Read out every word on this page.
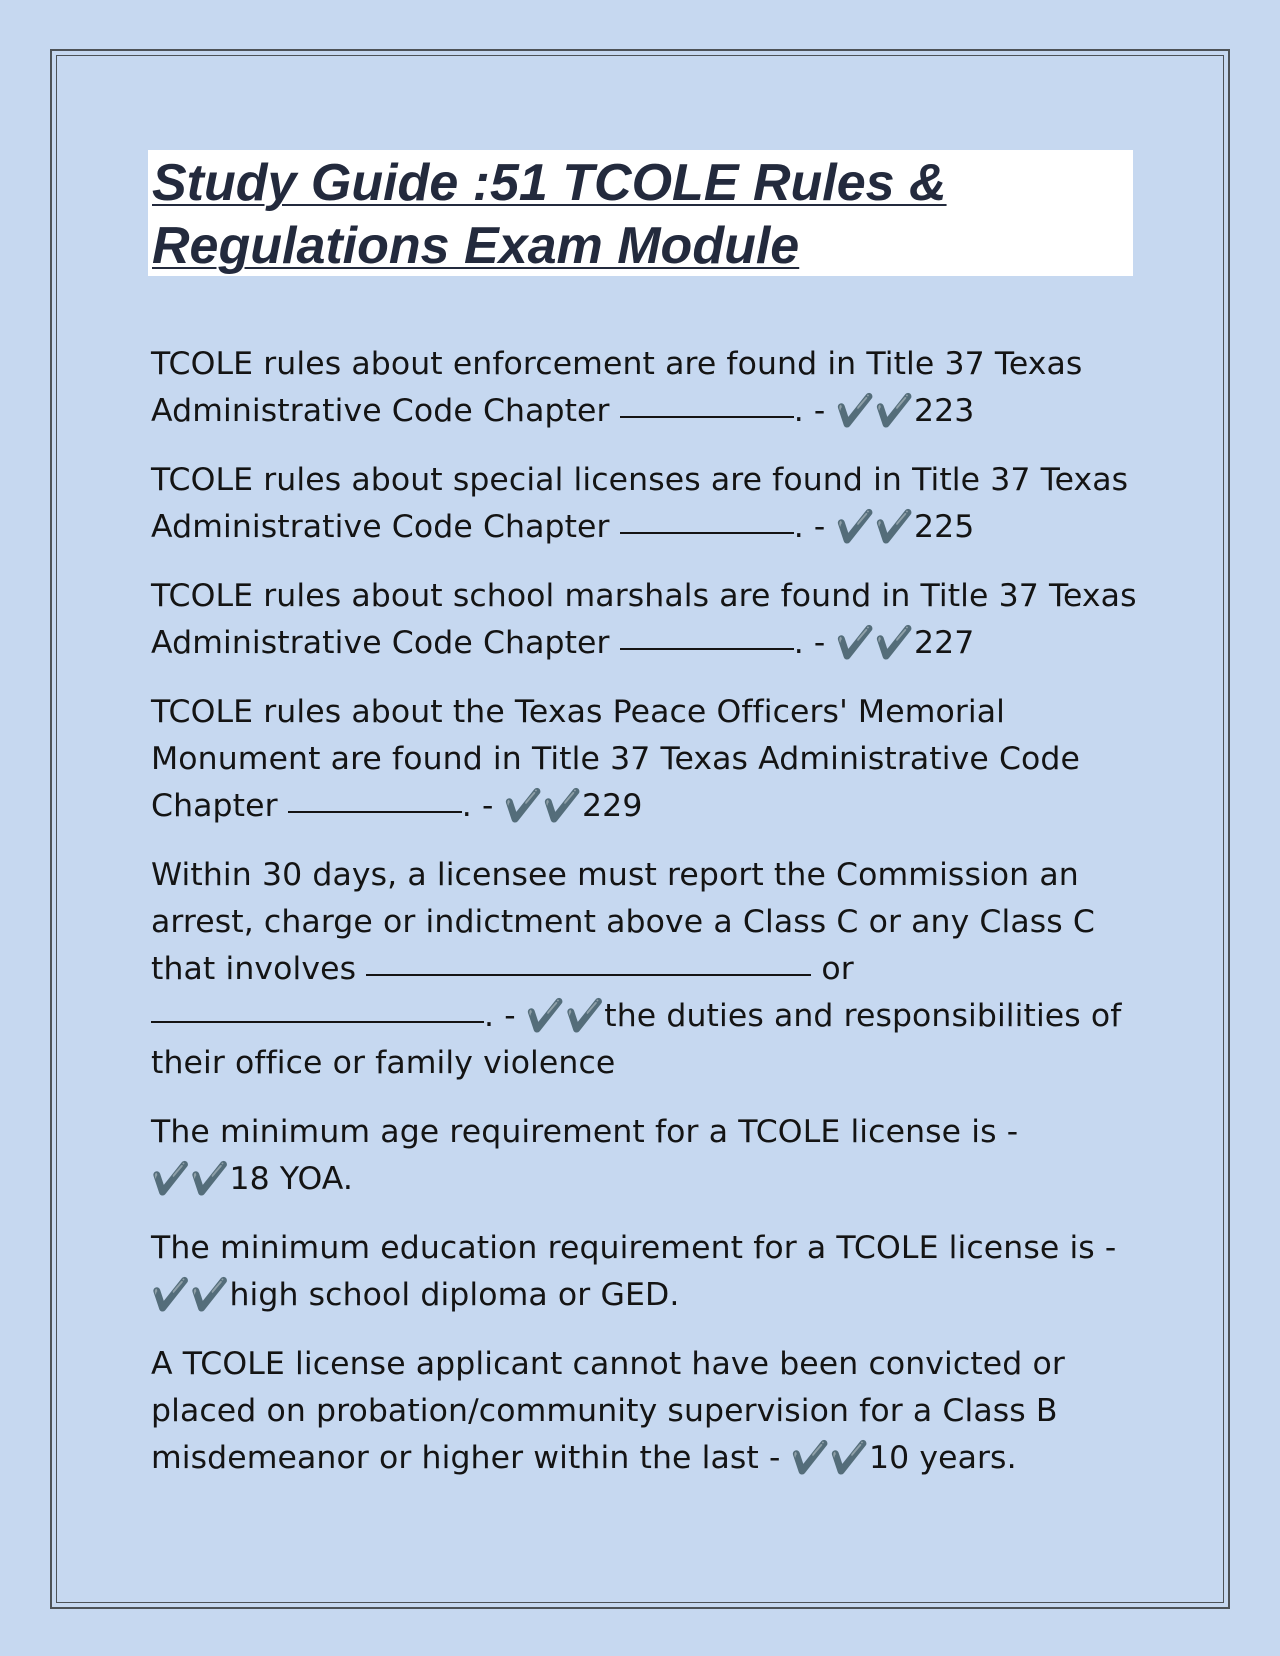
Study Guide :51 TCOLE Rules & Regulations Exam Module

TCOLE rules about enforcement are found in Title 37 Texas Administrative Code Chapter	. - ✔️✔️223

TCOLE rules about special licenses are found in Title 37 Texas Administrative Code Chapter	. - ✔️✔️225

TCOLE rules about school marshals are found in Title 37 Texas Administrative Code Chapter	. - ✔️✔️227

TCOLE rules about the Texas Peace Officers' Memorial Monument are found in Title 37 Texas Administrative Code Chapter	. - ✔️✔️229

Within 30 days, a licensee must report the Commission an arrest, charge or indictment above a Class C or any Class C that involves	or . - ✔️✔️the duties and responsibilities of their office or family violence

The minimum age requirement for a TCOLE license is - ✔️✔️18 YOA.

The minimum education requirement for a TCOLE license is - ✔️✔️high school diploma or GED.

A TCOLE license applicant cannot have been convicted or placed on probation/community supervision for a Class B misdemeanor or higher within the last - ✔️✔️10 years.
